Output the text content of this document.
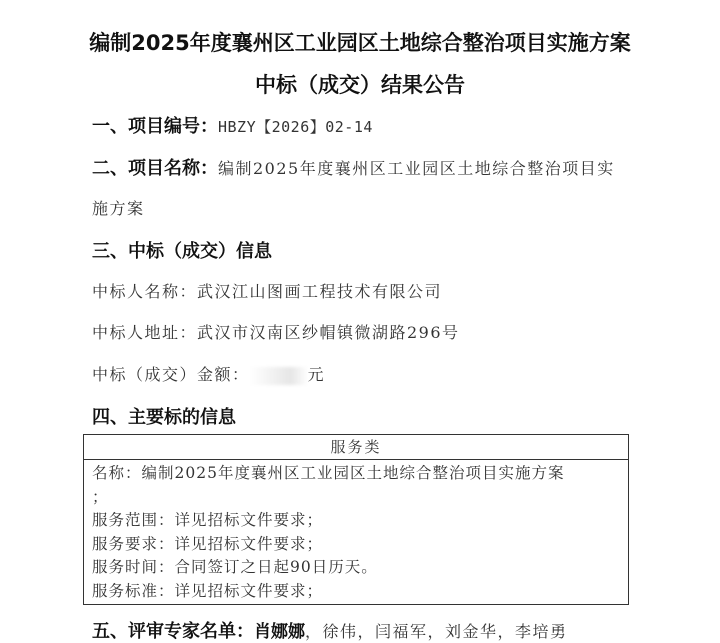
编制2025年度襄州区工业园区土地综合整治项目实施方案
中标（成交）结果公告
一、项目编号：HBZY【2026】02-14
二、项目名称：编制2025年度襄州区工业园区土地综合整治项目实
施方案
三、中标（成交）信息
中标人名称：武汉江山图画工程技术有限公司
中标人地址：武汉市汉南区纱帽镇微湖路296号
中标（成交）金额：	元
四、主要标的信息
服务类
名称：编制2025年度襄州区工业园区土地综合整治项目实施方案
；
服务范围：详见招标文件要求；
服务要求：详见招标文件要求；
服务时间：合同签订之日起90日历天。
服务标准：详见招标文件要求；
五、评审专家名单：肖娜娜，徐伟，闫福军，刘金华，李培勇
